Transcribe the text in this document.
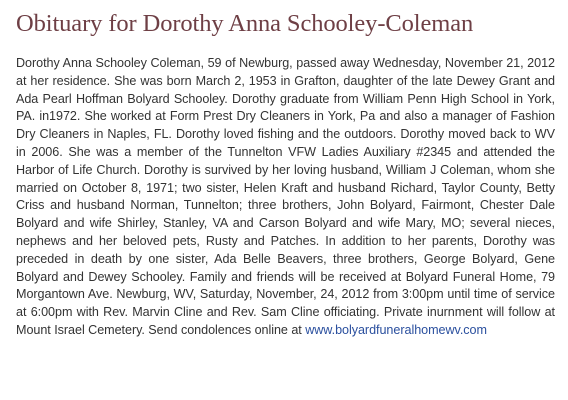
Obituary for Dorothy Anna Schooley-Coleman

Dorothy Anna Schooley Coleman, 59 of Newburg, passed away Wednesday, November 21, 2012 at her residence. She was born March 2, 1953 in Grafton, daughter of the late Dewey Grant and Ada Pearl Hoffman Bolyard Schooley. Dorothy graduate from William Penn High School in York, PA. in1972. She worked at Form Prest Dry Cleaners in York, Pa and also a manager of Fashion Dry Cleaners in Naples, FL. Dorothy loved fishing and the outdoors. Dorothy moved back to WV in 2006. She was a member of the Tunnelton VFW Ladies Auxiliary #2345 and attended the Harbor of Life Church. Dorothy is survived by her loving husband, William J Coleman, whom she married on October 8, 1971; two sister, Helen Kraft and husband Richard, Taylor County, Betty Criss and husband Norman, Tunnelton; three brothers, John Bolyard, Fairmont, Chester Dale Bolyard and wife Shirley, Stanley, VA and Carson Bolyard and wife Mary, MO; several nieces, nephews and her beloved pets, Rusty and Patches. In addition to her parents, Dorothy was preceded in death by one sister, Ada Belle Beavers, three brothers, George Bolyard, Gene Bolyard and Dewey Schooley. Family and friends will be received at Bolyard Funeral Home, 79 Morgantown Ave. Newburg, WV, Saturday, November, 24, 2012 from 3:00pm until time of service at 6:00pm with Rev. Marvin Cline and Rev. Sam Cline officiating. Private inurnment will follow at Mount Israel Cemetery. Send condolences online at www.bolyardfuneralhomewv.com
